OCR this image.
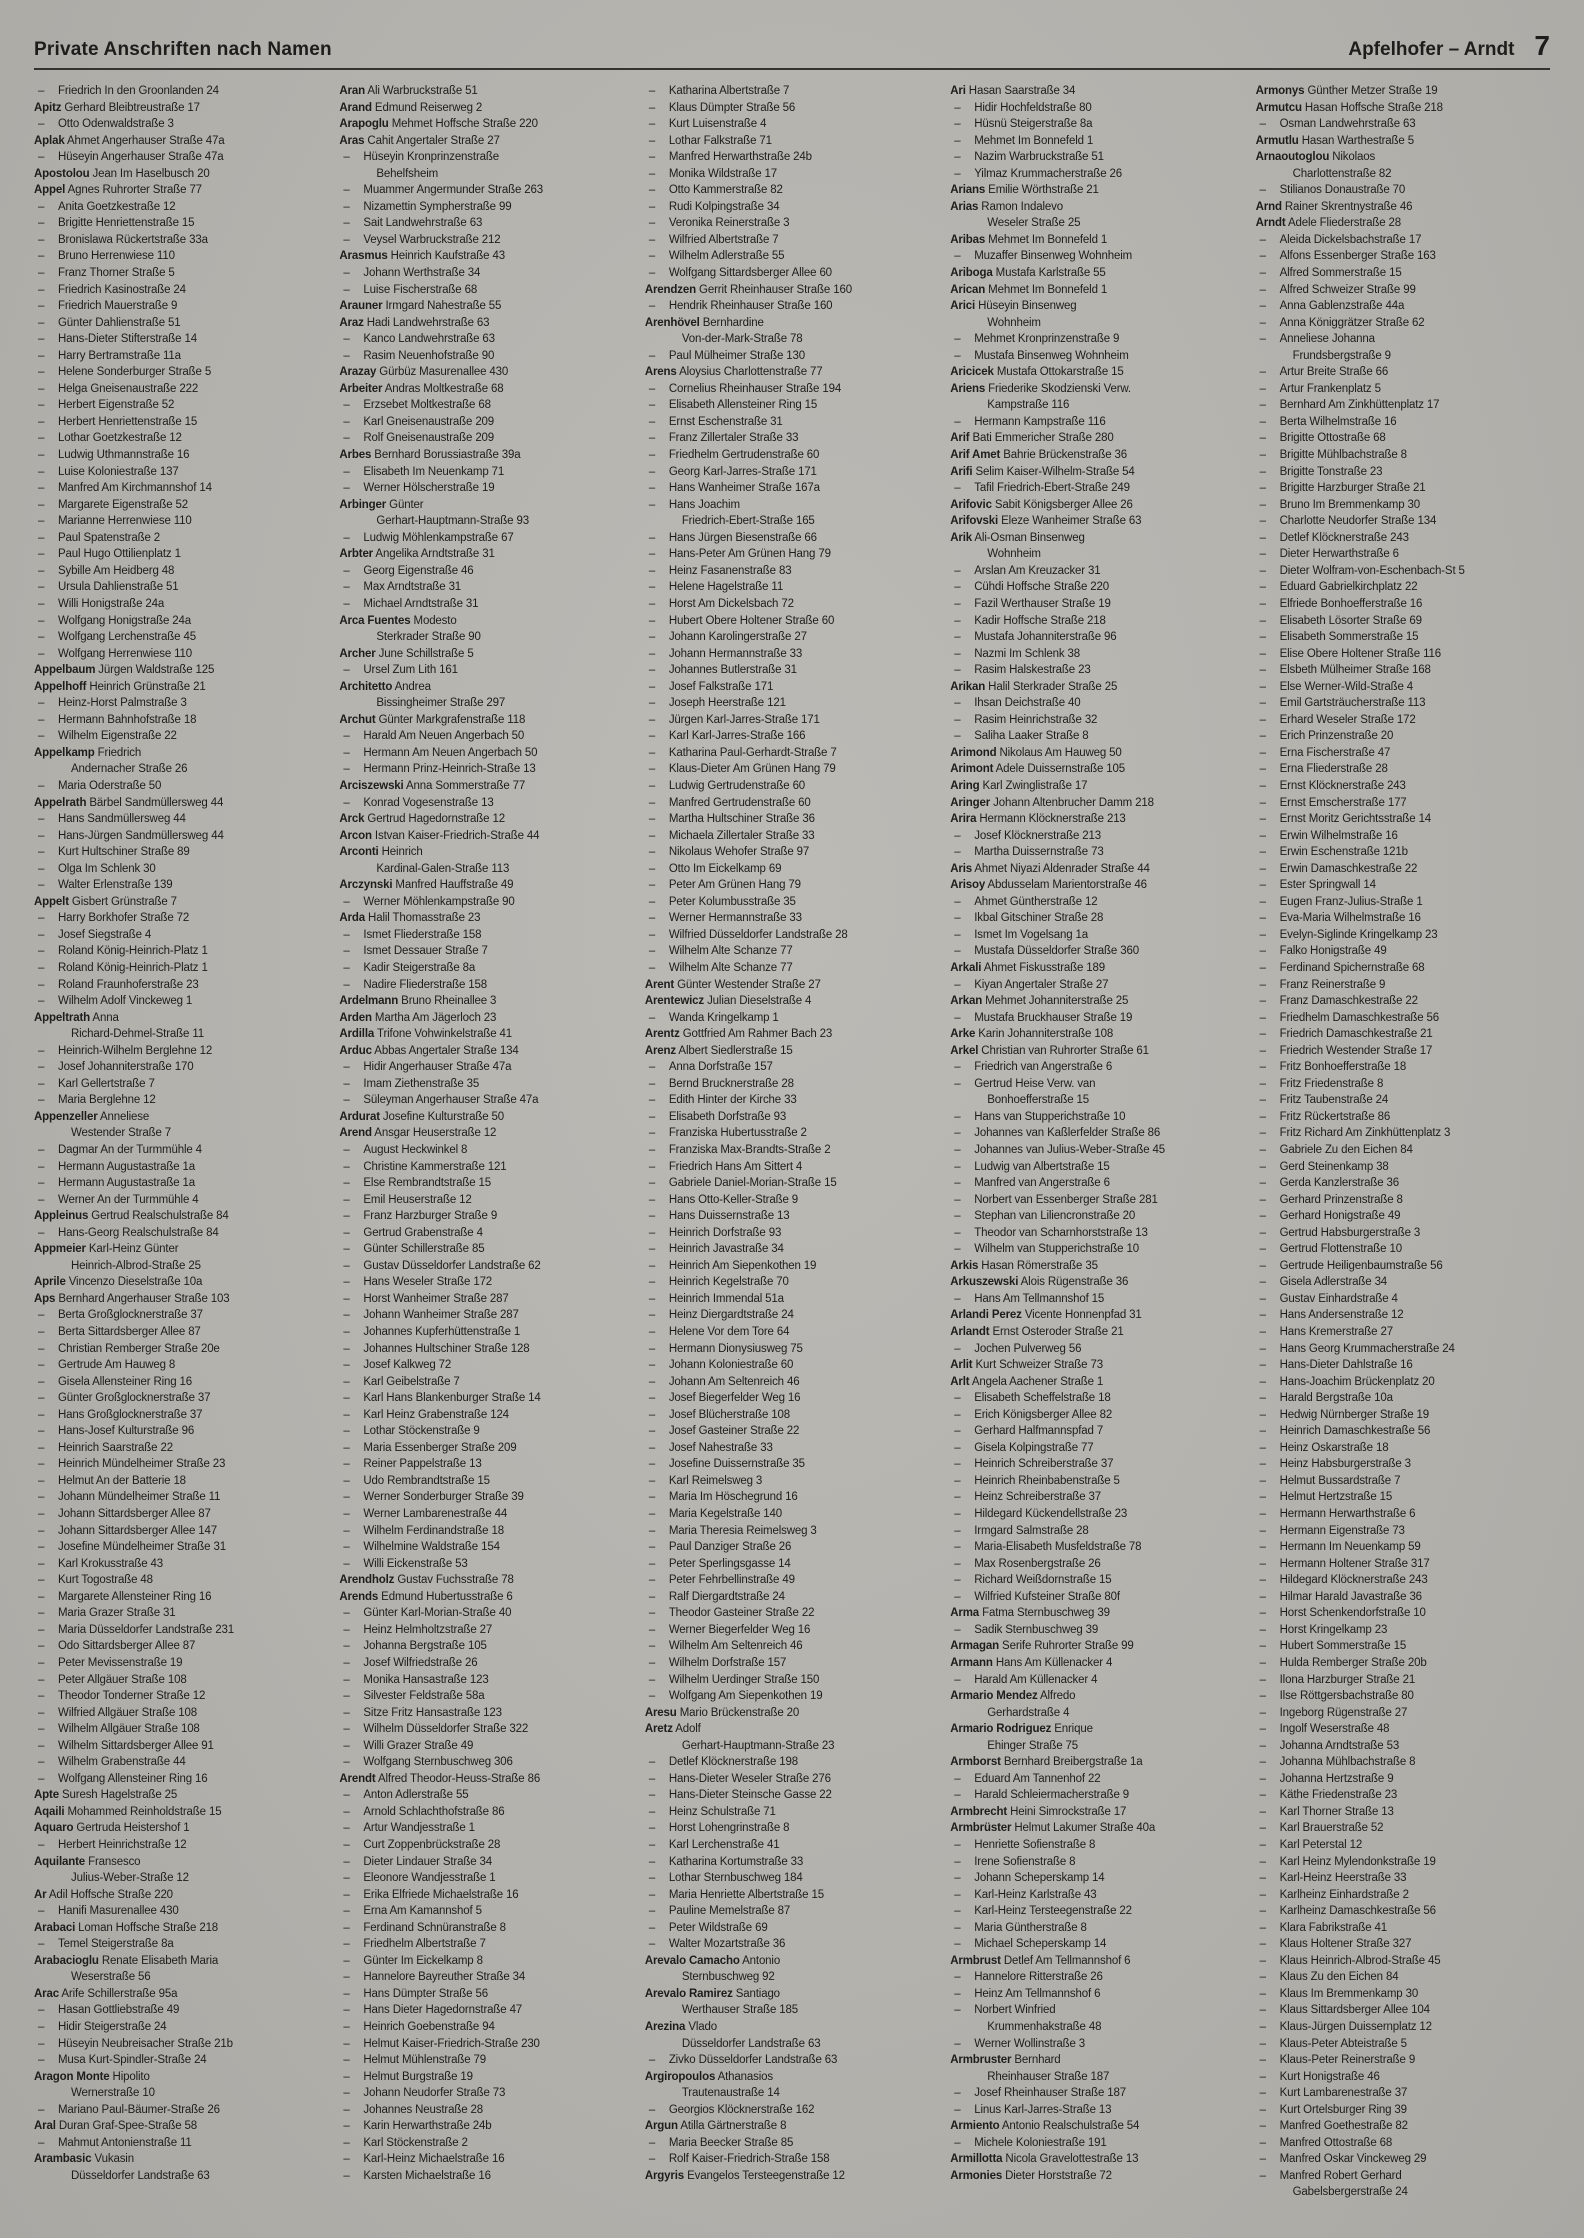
Private Anschriften nach Namen	Apfelhofer – Arndt 7
– Friedrich In den Groonlanden 24
Apitz Gerhard Bleibtreustraße 17
– Otto Odenwaldstraße 3
Aplak Ahmet Angerhauser Straße 47a
– Hüseyin Angerhauser Straße 47a
Apostolou Jean Im Haselbusch 20
Appel Agnes Ruhrorter Straße 77
– Anita Goetzkestraße 12
– Brigitte Henriettenstraße 15
– Bronislawa Rückertstraße 33a
– Bruno Herrenwiese 110
– Franz Thorner Straße 5
– Friedrich Kasinostraße 24
– Friedrich Mauerstraße 9
– Günter Dahlienstraße 51
– Hans-Dieter Stifterstraße 14
– Harry Bertramstraße 11a
– Helene Sonderburger Straße 5
– Helga Gneisenaustraße 222
– Herbert Eigenstraße 52
– Herbert Henriettenstraße 15
– Lothar Goetzkestraße 12
– Ludwig Uthmannstraße 16
– Luise Koloniestraße 137
– Manfred Am Kirchmannshof 14
– Margarete Eigenstraße 52
– Marianne Herrenwiese 110
– Paul Spatenstraße 2
– Paul Hugo Ottilienplatz 1
– Sybille Am Heidberg 48
– Ursula Dahlienstraße 51
– Willi Honigstraße 24a
– Wolfgang Honigstraße 24a
– Wolfgang Lerchenstraße 45
– Wolfgang Herrenwiese 110
Appelbaum Jürgen Waldstraße 125
Appelhoff Heinrich Grünstraße 21
– Heinz-Horst Palmstraße 3
– Hermann Bahnhofstraße 18
– Wilhelm Eigenstraße 22
Appelkamp Friedrich
Andernacher Straße 26
– Maria Oderstraße 50
Appelrath Bärbel Sandmüllersweg 44
– Hans Sandmüllersweg 44
– Hans-Jürgen Sandmüllersweg 44
– Kurt Hultschiner Straße 89
– Olga Im Schlenk 30
– Walter Erlenstraße 139
Appelt Gisbert Grünstraße 7
– Harry Borkhofer Straße 72
– Josef Siegstraße 4
– Roland König-Heinrich-Platz 1
– Roland König-Heinrich-Platz 1
– Roland Fraunhoferstraße 23
– Wilhelm Adolf Vinckeweg 1
Appeltrath Anna
Richard-Dehmel-Straße 11
– Heinrich-Wilhelm Berglehne 12
– Josef Johanniterstraße 170
– Karl Gellertstraße 7
– Maria Berglehne 12
Appenzeller Anneliese
Westender Straße 7
– Dagmar An der Turmmühle 4
– Hermann Augustastraße 1a
– Hermann Augustastraße 1a
– Werner An der Turmmühle 4
Appleinus Gertrud Realschulstraße 84
– Hans-Georg Realschulstraße 84
Appmeier Karl-Heinz Günter
Heinrich-Albrod-Straße 25
Aprile Vincenzo Dieselstraße 10a
Aps Bernhard Angerhauser Straße 103
– Berta Großglocknerstraße 37
– Berta Sittardsberger Allee 87
– Christian Remberger Straße 20e
– Gertrude Am Hauweg 8
– Gisela Allensteiner Ring 16
– Günter Großglocknerstraße 37
– Hans Großglocknerstraße 37
– Hans-Josef Kulturstraße 96
– Heinrich Saarstraße 22
– Heinrich Mündelheimer Straße 23
– Helmut An der Batterie 18
– Johann Mündelheimer Straße 11
– Johann Sittardsberger Allee 87
– Johann Sittardsberger Allee 147
– Josefine Mündelheimer Straße 31
– Karl Krokusstraße 43
– Kurt Togostraße 48
– Margarete Allensteiner Ring 16
– Maria Grazer Straße 31
– Maria Düsseldorfer Landstraße 231
– Odo Sittardsberger Allee 87
– Peter Mevissenstraße 19
– Peter Allgäuer Straße 108
– Theodor Tonderner Straße 12
– Wilfried Allgäuer Straße 108
– Wilhelm Allgäuer Straße 108
– Wilhelm Sittardsberger Allee 91
– Wilhelm Grabenstraße 44
– Wolfgang Allensteiner Ring 16
Apte Suresh Hagelstraße 25
Aqaili Mohammed Reinholdstraße 15
Aquaro Gertruda Heistershof 1
– Herbert Heinrichstraße 12
Aquilante Fransesco
Julius-Weber-Straße 12
Ar Adil Hoffsche Straße 220
– Hanifi Masurenallee 430
Arabaci Loman Hoffsche Straße 218
– Temel Steigerstraße 8a
Arabacioglu Renate Elisabeth Maria
Weserstraße 56
Arac Arife Schillerstraße 95a
– Hasan Gottliebstraße 49
– Hidir Steigerstraße 24
– Hüseyin Neubreisacher Straße 21b
– Musa Kurt-Spindler-Straße 24
Aragon Monte Hipolito
Wernerstraße 10
– Mariano Paul-Bäumer-Straße 26
Aral Duran Graf-Spee-Straße 58
– Mahmut Antonienstraße 11
Arambasic Vukasin
Düsseldorfer Landstraße 63
Aran Ali Warbruckstraße 51
Arand Edmund Reiserweg 2
Arapoglu Mehmet Hoffsche Straße 220
Aras Cahit Angertaler Straße 27
– Hüseyin Kronprinzenstraße
Behelfsheim
– Muammer Angermunder Straße 263
– Nizamettin Sympherstraße 99
– Sait Landwehrstraße 63
– Veysel Warbruckstraße 212
Arasmus Heinrich Kaufstraße 43
– Johann Werthstraße 34
– Luise Fischerstraße 68
Arauner Irmgard Nahestraße 55
Araz Hadi Landwehrstraße 63
– Kanco Landwehrstraße 63
– Rasim Neuenhofstraße 90
Arazay Gürbüz Masurenallee 430
Arbeiter Andras Moltkestraße 68
– Erzsebet Moltkestraße 68
– Karl Gneisenaustraße 209
– Rolf Gneisenaustraße 209
Arbes Bernhard Borussiastraße 39a
– Elisabeth Im Neuenkamp 71
– Werner Hölscherstraße 19
Arbinger Günter
Gerhart-Hauptmann-Straße 93
– Ludwig Möhlenkampstraße 67
Arbter Angelika Arndtstraße 31
– Georg Eigenstraße 46
– Max Arndtstraße 31
– Michael Arndtstraße 31
Arca Fuentes Modesto
Sterkrader Straße 90
Archer June Schillstraße 5
– Ursel Zum Lith 161
Architetto Andrea
Bissingheimer Straße 297
Archut Günter Markgrafenstraße 118
– Harald Am Neuen Angerbach 50
– Hermann Am Neuen Angerbach 50
– Hermann Prinz-Heinrich-Straße 13
Arciszewski Anna Sommerstraße 77
– Konrad Vogesenstraße 13
Arck Gertrud Hagedornstraße 12
Arcon Istvan Kaiser-Friedrich-Straße 44
Arconti Heinrich
Kardinal-Galen-Straße 113
Arczynski Manfred Hauffstraße 49
– Werner Möhlenkampstraße 90
Arda Halil Thomasstraße 23
– Ismet Fliederstraße 158
– Ismet Dessauer Straße 7
– Kadir Steigerstraße 8a
– Nadire Fliederstraße 158
Ardelmann Bruno Rheinallee 3
Arden Martha Am Jägerloch 23
Ardilla Trifone Vohwinkelstraße 41
Arduc Abbas Angertaler Straße 134
– Hidir Angerhauser Straße 47a
– Imam Ziethenstraße 35
– Süleyman Angerhauser Straße 47a
Ardurat Josefine Kulturstraße 50
Arend Ansgar Heuserstraße 12
– August Heckwinkel 8
– Christine Kammerstraße 121
– Else Rembrandtstraße 15
– Emil Heuserstraße 12
– Franz Harzburger Straße 9
– Gertrud Grabenstraße 4
– Günter Schillerstraße 85
– Gustav Düsseldorfer Landstraße 62
– Hans Weseler Straße 172
– Horst Wanheimer Straße 287
– Johann Wanheimer Straße 287
– Johannes Kupferhüttenstraße 1
– Johannes Hultschiner Straße 128
– Josef Kalkweg 72
– Karl Geibelstraße 7
– Karl Hans Blankenburger Straße 14
– Karl Heinz Grabenstraße 124
– Lothar Stöckenstraße 9
– Maria Essenberger Straße 209
– Reiner Pappelstraße 13
– Udo Rembrandtstraße 15
– Werner Sonderburger Straße 39
– Werner Lambarenestraße 44
– Wilhelm Ferdinandstraße 18
– Wilhelmine Waldstraße 154
– Willi Eickenstraße 53
Arendholz Gustav Fuchsstraße 78
Arends Edmund Hubertusstraße 6
– Günter Karl-Morian-Straße 40
– Heinz Helmholtzstraße 27
– Johanna Bergstraße 105
– Josef Wilfriedstraße 26
– Monika Hansastraße 123
– Silvester Feldstraße 58a
– Sitze Fritz Hansastraße 123
– Wilhelm Düsseldorfer Straße 322
– Willi Grazer Straße 49
– Wolfgang Sternbuschweg 306
Arendt Alfred Theodor-Heuss-Straße 86
– Anton Adlerstraße 55
– Arnold Schlachthofstraße 86
– Artur Wandjesstraße 1
– Curt Zoppenbrückstraße 28
– Dieter Lindauer Straße 34
– Eleonore Wandjesstraße 1
– Erika Elfriede Michaelstraße 16
– Erna Am Kamannshof 5
– Ferdinand Schnüranstraße 8
– Friedhelm Albertstraße 7
– Günter Im Eickelkamp 8
– Hannelore Bayreuther Straße 34
– Hans Dümpter Straße 56
– Hans Dieter Hagedornstraße 47
– Heinrich Goebenstraße 94
– Helmut Kaiser-Friedrich-Straße 230
– Helmut Mühlenstraße 79
– Helmut Burgstraße 19
– Johann Neudorfer Straße 73
– Johannes Neustraße 28
– Karin Herwarthstraße 24b
– Karl Stöckenstraße 2
– Karl-Heinz Michaelstraße 16
– Karsten Michaelstraße 16
– Katharina Albertstraße 7
– Klaus Dümpter Straße 56
– Kurt Luisenstraße 4
– Lothar Falkstraße 71
– Manfred Herwarthstraße 24b
– Monika Wildstraße 17
– Otto Kammerstraße 82
– Rudi Kolpingstraße 34
– Veronika Reinerstraße 3
– Wilfried Albertstraße 7
– Wilhelm Adlerstraße 55
– Wolfgang Sittardsberger Allee 60
Arendzen Gerrit Rheinhauser Straße 160
– Hendrik Rheinhauser Straße 160
Arenhövel Bernhardine
Von-der-Mark-Straße 78
– Paul Mülheimer Straße 130
Arens Aloysius Charlottenstraße 77
– Cornelius Rheinhauser Straße 194
– Elisabeth Allensteiner Ring 15
– Ernst Eschenstraße 31
– Franz Zillertaler Straße 33
– Friedhelm Gertrudenstraße 60
– Georg Karl-Jarres-Straße 171
– Hans Wanheimer Straße 167a
– Hans Joachim
Friedrich-Ebert-Straße 165
– Hans Jürgen Biesenstraße 66
– Hans-Peter Am Grünen Hang 79
– Heinz Fasanenstraße 83
– Helene Hagelstraße 11
– Horst Am Dickelsbach 72
– Hubert Obere Holtener Straße 60
– Johann Karolingerstraße 27
– Johann Hermannstraße 33
– Johannes Butlerstraße 31
– Josef Falkstraße 171
– Joseph Heerstraße 121
– Jürgen Karl-Jarres-Straße 171
– Karl Karl-Jarres-Straße 166
– Katharina Paul-Gerhardt-Straße 7
– Klaus-Dieter Am Grünen Hang 79
– Ludwig Gertrudenstraße 60
– Manfred Gertrudenstraße 60
– Martha Hultschiner Straße 36
– Michaela Zillertaler Straße 33
– Nikolaus Wehofer Straße 97
– Otto Im Eickelkamp 69
– Peter Am Grünen Hang 79
– Peter Kolumbusstraße 35
– Werner Hermannstraße 33
– Wilfried Düsseldorfer Landstraße 28
– Wilhelm Alte Schanze 77
– Wilhelm Alte Schanze 77
Arent Günter Westender Straße 27
Arentewicz Julian Dieselstraße 4
– Wanda Kringelkamp 1
Arentz Gottfried Am Rahmer Bach 23
Arenz Albert Siedlerstraße 15
– Anna Dorfstraße 157
– Bernd Brucknerstraße 28
– Edith Hinter der Kirche 33
– Elisabeth Dorfstraße 93
– Franziska Hubertusstraße 2
– Franziska Max-Brandts-Straße 2
– Friedrich Hans Am Sittert 4
– Gabriele Daniel-Morian-Straße 15
– Hans Otto-Keller-Straße 9
– Hans Duissernstraße 13
– Heinrich Dorfstraße 93
– Heinrich Javastraße 34
– Heinrich Am Siepenkothen 19
– Heinrich Kegelstraße 70
– Heinrich Immendal 51a
– Heinz Diergardtstraße 24
– Helene Vor dem Tore 64
– Hermann Dionysiusweg 75
– Johann Koloniestraße 60
– Johann Am Seltenreich 46
– Josef Biegerfelder Weg 16
– Josef Blücherstraße 108
– Josef Gasteiner Straße 22
– Josef Nahestraße 33
– Josefine Duissernstraße 35
– Karl Reimelsweg 3
– Maria Im Höschegrund 16
– Maria Kegelstraße 140
– Maria Theresia Reimelsweg 3
– Paul Danziger Straße 26
– Peter Sperlingsgasse 14
– Peter Fehrbellinstraße 49
– Ralf Diergardtstraße 24
– Theodor Gasteiner Straße 22
– Werner Biegerfelder Weg 16
– Wilhelm Am Seltenreich 46
– Wilhelm Dorfstraße 157
– Wilhelm Uerdinger Straße 150
– Wolfgang Am Siepenkothen 19
Aresu Mario Brückenstraße 20
Aretz Adolf
Gerhart-Hauptmann-Straße 23
– Detlef Klöcknerstraße 198
– Hans-Dieter Weseler Straße 276
– Hans-Dieter Steinsche Gasse 22
– Heinz Schulstraße 71
– Horst Lohengrinstraße 8
– Karl Lerchenstraße 41
– Katharina Kortumstraße 33
– Lothar Sternbuschweg 184
– Maria Henriette Albertstraße 15
– Pauline Memelstraße 87
– Peter Wildstraße 69
– Walter Mozartstraße 36
Arevalo Camacho Antonio
Sternbuschweg 92
Arevalo Ramirez Santiago
Werthauser Straße 185
Arezina Vlado
Düsseldorfer Landstraße 63
– Zivko Düsseldorfer Landstraße 63
Argiropoulos Athanasios
Trautenaustraße 14
– Georgios Klöcknerstraße 162
Argun Atilla Gärtnerstraße 8
– Maria Beecker Straße 85
– Rolf Kaiser-Friedrich-Straße 158
Argyris Evangelos Tersteegenstraße 12
Ari Hasan Saarstraße 34
– Hidir Hochfeldstraße 80
– Hüsnü Steigerstraße 8a
– Mehmet Im Bonnefeld 1
– Nazim Warbruckstraße 51
– Yilmaz Krummacherstraße 26
Arians Emilie Wörthstraße 21
Arias Ramon Indalevo
Weseler Straße 25
Aribas Mehmet Im Bonnefeld 1
– Muzaffer Binsenweg Wohnheim
Ariboga Mustafa Karlstraße 55
Arican Mehmet Im Bonnefeld 1
Arici Hüseyin Binsenweg
Wohnheim
– Mehmet Kronprinzenstraße 9
– Mustafa Binsenweg Wohnheim
Aricicek Mustafa Ottokarstraße 15
Ariens Friederike Skodzienski Verw.
Kampstraße 116
– Hermann Kampstraße 116
Arif Bati Emmericher Straße 280
Arif Amet Bahrie Brückenstraße 36
Arifi Selim Kaiser-Wilhelm-Straße 54
– Tafil Friedrich-Ebert-Straße 249
Arifovic Sabit Königsberger Allee 26
Arifovski Eleze Wanheimer Straße 63
Arik Ali-Osman Binsenweg
Wohnheim
– Arslan Am Kreuzacker 31
– Cühdi Hoffsche Straße 220
– Fazil Werthauser Straße 19
– Kadir Hoffsche Straße 218
– Mustafa Johanniterstraße 96
– Nazmi Im Schlenk 38
– Rasim Halskestraße 23
Arikan Halil Sterkrader Straße 25
– Ihsan Deichstraße 40
– Rasim Heinrichstraße 32
– Saliha Laaker Straße 8
Arimond Nikolaus Am Hauweg 50
Arimont Adele Duissernstraße 105
Aring Karl Zwinglistraße 17
Aringer Johann Altenbrucher Damm 218
Arira Hermann Klöcknerstraße 213
– Josef Klöcknerstraße 213
– Martha Duissernstraße 73
Aris Ahmet Niyazi Aldenrader Straße 44
Arisoy Abdusselam Marientorstraße 46
– Ahmet Güntherstraße 12
– Ikbal Gitschiner Straße 28
– Ismet Im Vogelsang 1a
– Mustafa Düsseldorfer Straße 360
Arkali Ahmet Fiskusstraße 189
– Kiyan Angertaler Straße 27
Arkan Mehmet Johanniterstraße 25
– Mustafa Bruckhauser Straße 19
Arke Karin Johanniterstraße 108
Arkel Christian van Ruhrorter Straße 61
– Friedrich van Angerstraße 6
– Gertrud Heise Verw. van
Bonhoefferstraße 15
– Hans van Stupperichstraße 10
– Johannes van Kaßlerfelder Straße 86
– Johannes van Julius-Weber-Straße 45
– Ludwig van Albertstraße 15
– Manfred van Angerstraße 6
– Norbert van Essenberger Straße 281
– Stephan van Liliencronstraße 20
– Theodor van Scharnhorststraße 13
– Wilhelm van Stupperichstraße 10
Arkis Hasan Römerstraße 35
Arkuszewski Alois Rügenstraße 36
– Hans Am Tellmannshof 15
Arlandi Perez Vicente Honnenpfad 31
Arlandt Ernst Osteroder Straße 21
– Jochen Pulverweg 56
Arlit Kurt Schweizer Straße 73
Arlt Angela Aachener Straße 1
– Elisabeth Scheffelstraße 18
– Erich Königsberger Allee 82
– Gerhard Halfmannspfad 7
– Gisela Kolpingstraße 77
– Heinrich Schreiberstraße 37
– Heinrich Rheinbabenstraße 5
– Heinz Schreiberstraße 37
– Hildegard Kückendellstraße 23
– Irmgard Salmstraße 28
– Maria-Elisabeth Musfeldstraße 78
– Max Rosenbergstraße 26
– Richard Weißdornstraße 15
– Wilfried Kufsteiner Straße 80f
Arma Fatma Sternbuschweg 39
– Sadik Sternbuschweg 39
Armagan Serife Ruhrorter Straße 99
Armann Hans Am Küllenacker 4
– Harald Am Küllenacker 4
Armario Mendez Alfredo
Gerhardstraße 4
Armario Rodriguez Enrique
Ehinger Straße 75
Armborst Bernhard Breibergstraße 1a
– Eduard Am Tannenhof 22
– Harald Schleiermacherstraße 9
Armbrecht Heini Simrockstraße 17
Armbrüster Helmut Lakumer Straße 40a
– Henriette Sofienstraße 8
– Irene Sofienstraße 8
– Johann Scheperskamp 14
– Karl-Heinz Karlstraße 43
– Karl-Heinz Tersteegenstraße 22
– Maria Güntherstraße 8
– Michael Scheperskamp 14
Armbrust Detlef Am Tellmannshof 6
– Hannelore Ritterstraße 26
– Heinz Am Tellmannshof 6
– Norbert Winfried
Krummenhakstraße 48
– Werner Wollinstraße 3
Armbruster Bernhard
Rheinhauser Straße 187
– Josef Rheinhauser Straße 187
– Linus Karl-Jarres-Straße 13
Armiento Antonio Realschulstraße 54
– Michele Koloniestraße 191
Armillotta Nicola Gravelottestraße 13
Armonies Dieter Horststraße 72
Armonys Günther Metzer Straße 19
Armutcu Hasan Hoffsche Straße 218
– Osman Landwehrstraße 63
Armutlu Hasan Warthestraße 5
Arnaoutoglou Nikolaos
Charlottenstraße 82
– Stilianos Donaustraße 70
Arnd Rainer Skrentnystraße 46
Arndt Adele Fliederstraße 28
– Aleida Dickelsbachstraße 17
– Alfons Essenberger Straße 163
– Alfred Sommerstraße 15
– Alfred Schweizer Straße 99
– Anna Gablenzstraße 44a
– Anna Königgrätzer Straße 62
– Anneliese Johanna
Frundsbergstraße 9
– Artur Breite Straße 66
– Artur Frankenplatz 5
– Bernhard Am Zinkhüttenplatz 17
– Berta Wilhelmstraße 16
– Brigitte Ottostraße 68
– Brigitte Mühlbachstraße 8
– Brigitte Tonstraße 23
– Brigitte Harzburger Straße 21
– Bruno Im Bremmenkamp 30
– Charlotte Neudorfer Straße 134
– Detlef Klöcknerstraße 243
– Dieter Herwarthstraße 6
– Dieter Wolfram-von-Eschenbach-St 5
– Eduard Gabrielkirchplatz 22
– Elfriede Bonhoefferstraße 16
– Elisabeth Lösorter Straße 69
– Elisabeth Sommerstraße 15
– Elise Obere Holtener Straße 116
– Elsbeth Mülheimer Straße 168
– Else Werner-Wild-Straße 4
– Emil Gartsträucherstraße 113
– Erhard Weseler Straße 172
– Erich Prinzenstraße 20
– Erna Fischerstraße 47
– Erna Fliederstraße 28
– Ernst Klöcknerstraße 243
– Ernst Emscherstraße 177
– Ernst Moritz Gerichtsstraße 14
– Erwin Wilhelmstraße 16
– Erwin Eschenstraße 121b
– Erwin Damaschkestraße 22
– Ester Springwall 14
– Eugen Franz-Julius-Straße 1
– Eva-Maria Wilhelmstraße 16
– Evelyn-Siglinde Kringelkamp 23
– Falko Honigstraße 49
– Ferdinand Spichernstraße 68
– Franz Reinerstraße 9
– Franz Damaschkestraße 22
– Friedhelm Damaschkestraße 56
– Friedrich Damaschkestraße 21
– Friedrich Westender Straße 17
– Fritz Bonhoefferstraße 18
– Fritz Friedenstraße 8
– Fritz Taubenstraße 24
– Fritz Rückertstraße 86
– Fritz Richard Am Zinkhüttenplatz 3
– Gabriele Zu den Eichen 84
– Gerd Steinenkamp 38
– Gerda Kanzlerstraße 36
– Gerhard Prinzenstraße 8
– Gerhard Honigstraße 49
– Gertrud Habsburgerstraße 3
– Gertrud Flottenstraße 10
– Gertrude Heiligenbaumstraße 56
– Gisela Adlerstraße 34
– Gustav Einhardstraße 4
– Hans Andersenstraße 12
– Hans Kremerstraße 27
– Hans Georg Krummacherstraße 24
– Hans-Dieter Dahlstraße 16
– Hans-Joachim Brückenplatz 20
– Harald Bergstraße 10a
– Hedwig Nürnberger Straße 19
– Heinrich Damaschkestraße 56
– Heinz Oskarstraße 18
– Heinz Habsburgerstraße 3
– Helmut Bussardstraße 7
– Helmut Hertzstraße 15
– Hermann Herwarthstraße 6
– Hermann Eigenstraße 73
– Hermann Im Neuenkamp 59
– Hermann Holtener Straße 317
– Hildegard Klöcknerstraße 243
– Hilmar Harald Javastraße 36
– Horst Schenkendorfstraße 10
– Horst Kringelkamp 23
– Hubert Sommerstraße 15
– Hulda Remberger Straße 20b
– Ilona Harzburger Straße 21
– Ilse Röttgersbachstraße 80
– Ingeborg Rügenstraße 27
– Ingolf Weserstraße 48
– Johanna Arndtstraße 53
– Johanna Mühlbachstraße 8
– Johanna Hertzstraße 9
– Käthe Friedenstraße 23
– Karl Thorner Straße 13
– Karl Brauerstraße 52
– Karl Peterstal 12
– Karl Heinz Mylendonkstraße 19
– Karl-Heinz Heerstraße 33
– Karlheinz Einhardstraße 2
– Karlheinz Damaschkestraße 56
– Klara Fabrikstraße 41
– Klaus Holtener Straße 327
– Klaus Heinrich-Albrod-Straße 45
– Klaus Zu den Eichen 84
– Klaus Im Bremmenkamp 30
– Klaus Sittardsberger Allee 104
– Klaus-Jürgen Duissernplatz 12
– Klaus-Peter Abteistraße 5
– Klaus-Peter Reinerstraße 9
– Kurt Honigstraße 46
– Kurt Lambarenestraße 37
– Kurt Ortelsburger Ring 39
– Manfred Goethestraße 82
– Manfred Ottostraße 68
– Manfred Oskar Vinckeweg 29
– Manfred Robert Gerhard
Gabelsbergerstraße 24
